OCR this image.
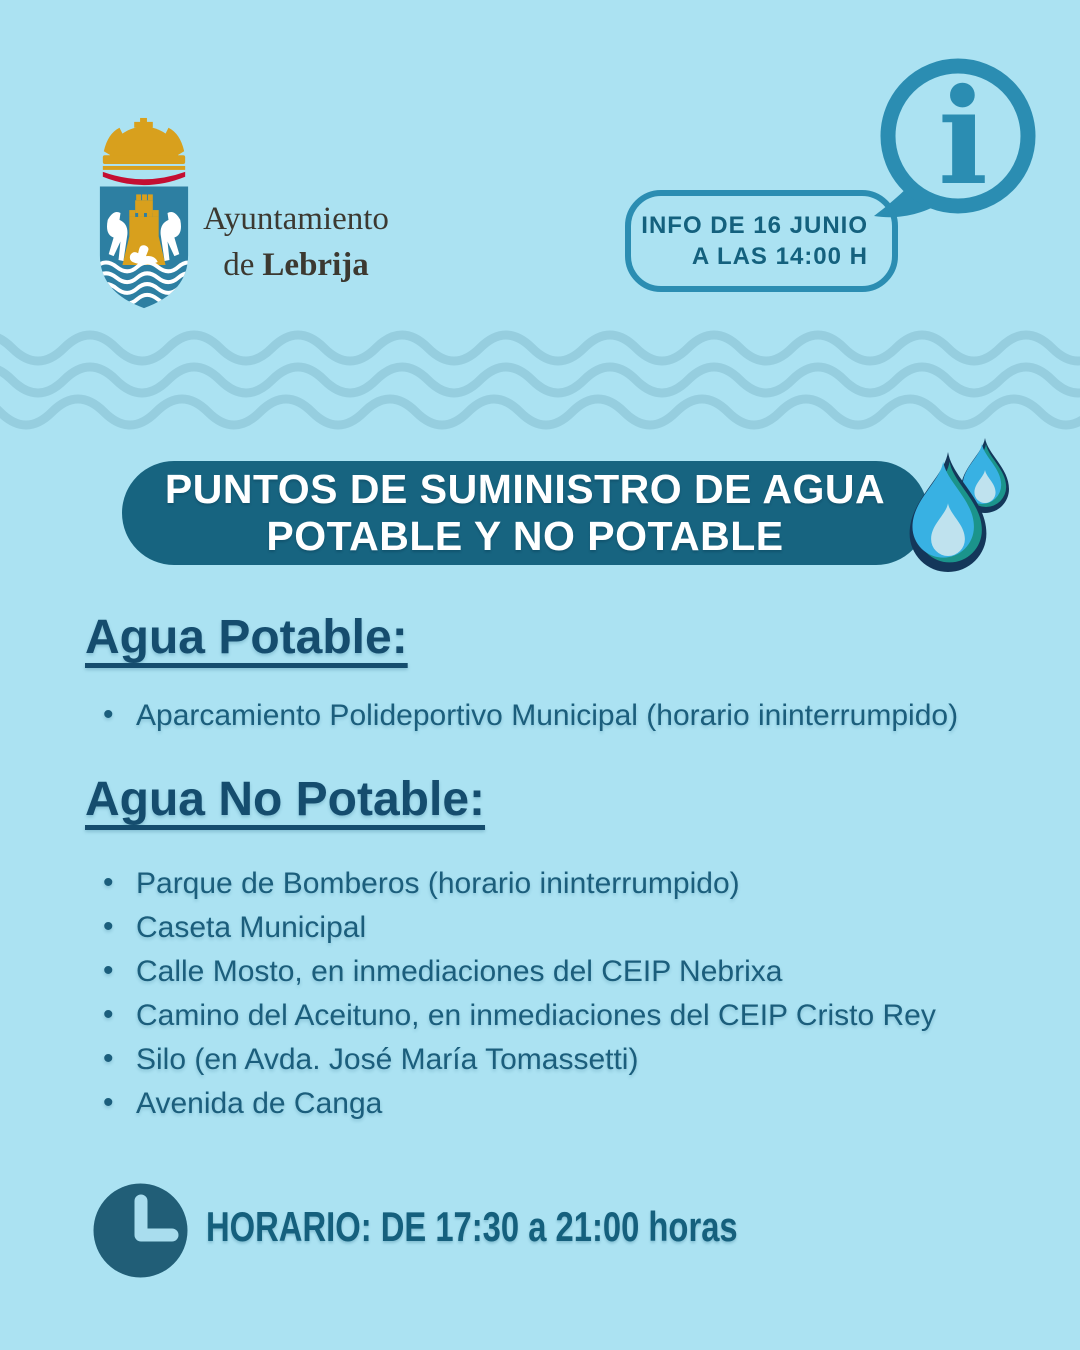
Ayuntamiento
de Lebrija
i
INFO DE 16 JUNIO
A LAS 14:00 H
PUNTOS DE SUMINISTRO DE AGUA
POTABLE Y NO POTABLE
Agua Potable:
• Aparcamiento Polideportivo Municipal (horario ininterrumpido)
Agua No Potable:
• Parque de Bomberos (horario ininterrumpido)
• Caseta Municipal
• Calle Mosto, en inmediaciones del CEIP Nebrixa
• Camino del Aceituno, en inmediaciones del CEIP Cristo Rey
• Silo (en Avda. José María Tomassetti)
• Avenida de Canga
HORARIO: DE 17:30 a 21:00 horas
